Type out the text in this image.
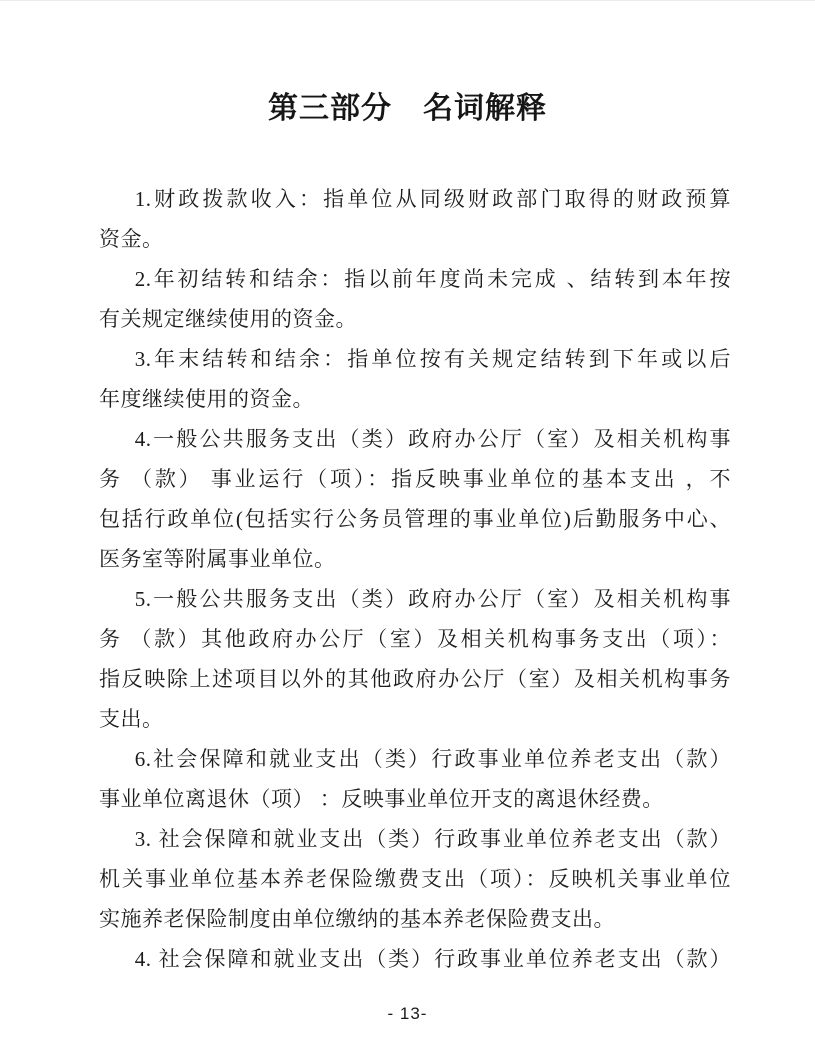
第三部分　名词解释
1.财政拨款收入：指单位从同级财政部门取得的财政预算
资金。
2.年初结转和结余：指以前年度尚未完成 、结转到本年按
有关规定继续使用的资金。
3.年末结转和结余：指单位按有关规定结转到下年或以后
年度继续使用的资金。
4.一般公共服务支出（类）政府办公厅（室）及相关机构事
务 （款） 事业运行（项）：指反映事业单位的基本支出 ，不
包括行政单位(包括实行公务员管理的事业单位)后勤服务中心、
医务室等附属事业单位。
5.一般公共服务支出（类）政府办公厅（室）及相关机构事
务 （款）其他政府办公厅（室）及相关机构事务支出（项）：
指反映除上述项目以外的其他政府办公厅（室）及相关机构事务
支出。
6.社会保障和就业支出（类）行政事业单位养老支出（款）
事业单位离退休（项） ：反映事业单位开支的离退休经费。
3. 社会保障和就业支出（类）行政事业单位养老支出（款）
机关事业单位基本养老保险缴费支出（项）：反映机关事业单位
实施养老保险制度由单位缴纳的基本养老保险费支出。
4. 社会保障和就业支出（类）行政事业单位养老支出（款）
- 13-
